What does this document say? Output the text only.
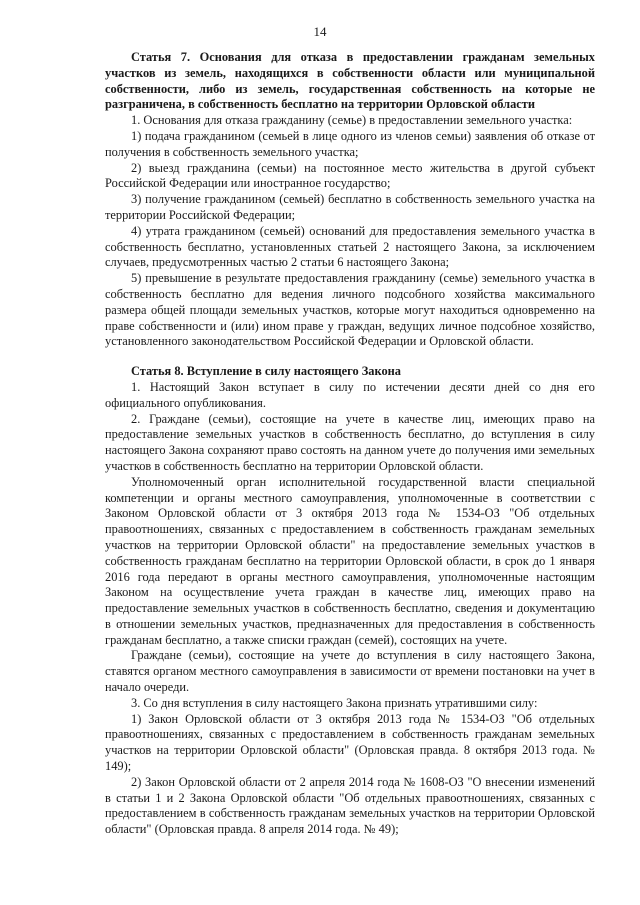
14

Статья 7. Основания для отказа в предоставлении гражданам земельных участков из земель, находящихся в собственности области или муниципальной собственности, либо из земель, государственная собственность на которые не разграничена, в собственность бесплатно на территории Орловской области

1. Основания для отказа гражданину (семье) в предоставлении земельного участка:

1) подача гражданином (семьей в лице одного из членов семьи) заявления об отказе от получения в собственность земельного участка;

2) выезд гражданина (семьи) на постоянное место жительства в другой субъект Российской Федерации или иностранное государство;

3) получение гражданином (семьей) бесплатно в собственность земельного участка на территории Российской Федерации;

4) утрата гражданином (семьей) оснований для предоставления земельного участка в собственность бесплатно, установленных статьей 2 настоящего Закона, за исключением случаев, предусмотренных частью 2 статьи 6 настоящего Закона;

5) превышение в результате предоставления гражданину (семье) земельного участка в собственность бесплатно для ведения личного подсобного хозяйства максимального размера общей площади земельных участков, которые могут находиться одновременно на праве собственности и (или) ином праве у граждан, ведущих личное подсобное хозяйство, установленного законодательством Российской Федерации и Орловской области.

Статья 8. Вступление в силу настоящего Закона

1. Настоящий Закон вступает в силу по истечении десяти дней со дня его официального опубликования.

2. Граждане (семьи), состоящие на учете в качестве лиц, имеющих право на предоставление земельных участков в собственность бесплатно, до вступления в силу настоящего Закона сохраняют право состоять на данном учете до получения ими земельных участков в собственность бесплатно на территории Орловской области.

Уполномоченный орган исполнительной государственной власти специальной компетенции и органы местного самоуправления, уполномоченные в соответствии с Законом Орловской области от 3 октября 2013 года № 1534-ОЗ "Об отдельных правоотношениях, связанных с предоставлением в собственность гражданам земельных участков на территории Орловской области" на предоставление земельных участков в собственность гражданам бесплатно на территории Орловской области, в срок до 1 января 2016 года передают в органы местного самоуправления, уполномоченные настоящим Законом на осуществление учета граждан в качестве лиц, имеющих право на предоставление земельных участков в собственность бесплатно, сведения и документацию в отношении земельных участков, предназначенных для предоставления в собственность гражданам бесплатно, а также списки граждан (семей), состоящих на учете.

Граждане (семьи), состоящие на учете до вступления в силу настоящего Закона, ставятся органом местного самоуправления в зависимости от времени постановки на учет в начало очереди.

3. Со дня вступления в силу настоящего Закона признать утратившими силу:

1) Закон Орловской области от 3 октября 2013 года № 1534-ОЗ "Об отдельных правоотношениях, связанных с предоставлением в собственность гражданам земельных участков на территории Орловской области" (Орловская правда. 8 октября 2013 года. № 149);

2) Закон Орловской области от 2 апреля 2014 года № 1608-ОЗ "О внесении изменений в статьи 1 и 2 Закона Орловской области "Об отдельных правоотношениях, связанных с предоставлением в собственность гражданам земельных участков на территории Орловской области" (Орловская правда. 8 апреля 2014 года. № 49);
